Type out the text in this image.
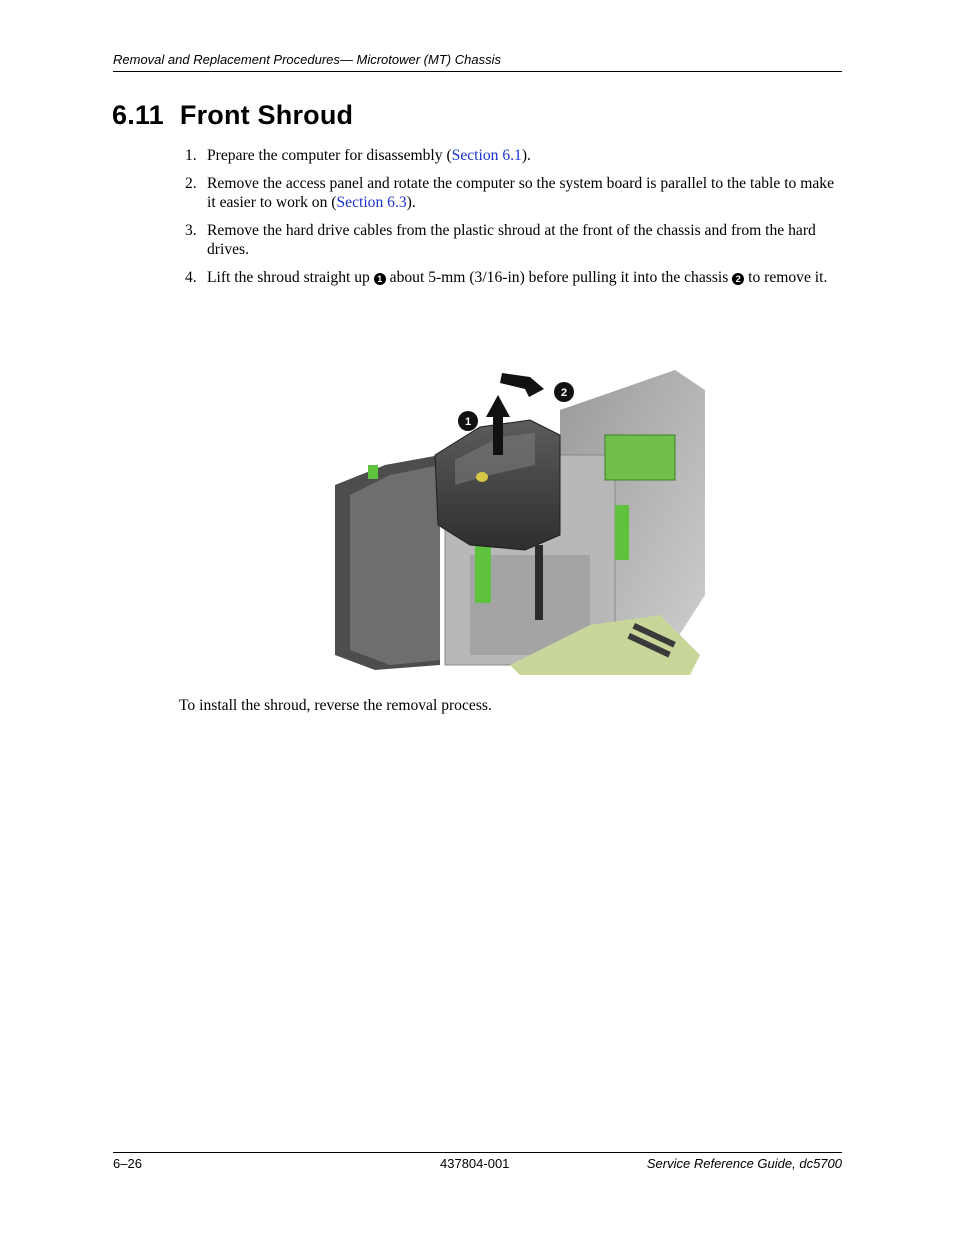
Removal and Replacement Procedures— Microtower (MT) Chassis
6.11 Front Shroud
1. Prepare the computer for disassembly (Section 6.1).
2. Remove the access panel and rotate the computer so the system board is parallel to the table to make it easier to work on (Section 6.3).
3. Remove the hard drive cables from the plastic shroud at the front of the chassis and from the hard drives.
4. Lift the shroud straight up 1 about 5-mm (3/16-in) before pulling it into the chassis 2 to remove it.
1
2

To install the shroud, reverse the removal process.

6–26	437804-001	Service Reference Guide, dc5700
